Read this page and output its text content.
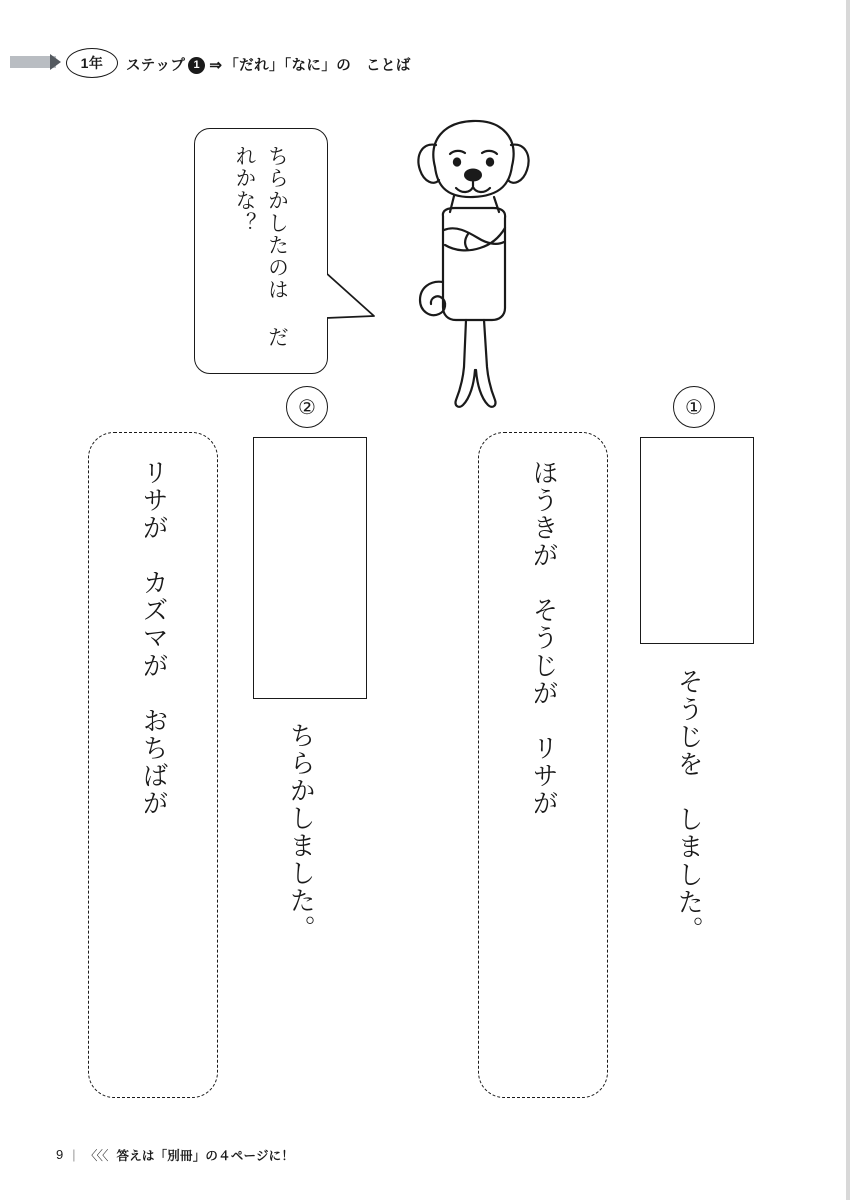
1年	ステップ 1 ⇒ 「だれ」「なに」の　ことば
ちらかしたのは だれかな？
②
リサが　カズマが　おちばが
ちらかしました。
①
ほうきが　そうじが　リサが	そうじを　しました。
9 | 〈〈〈 答えは「別冊」の４ページに！
